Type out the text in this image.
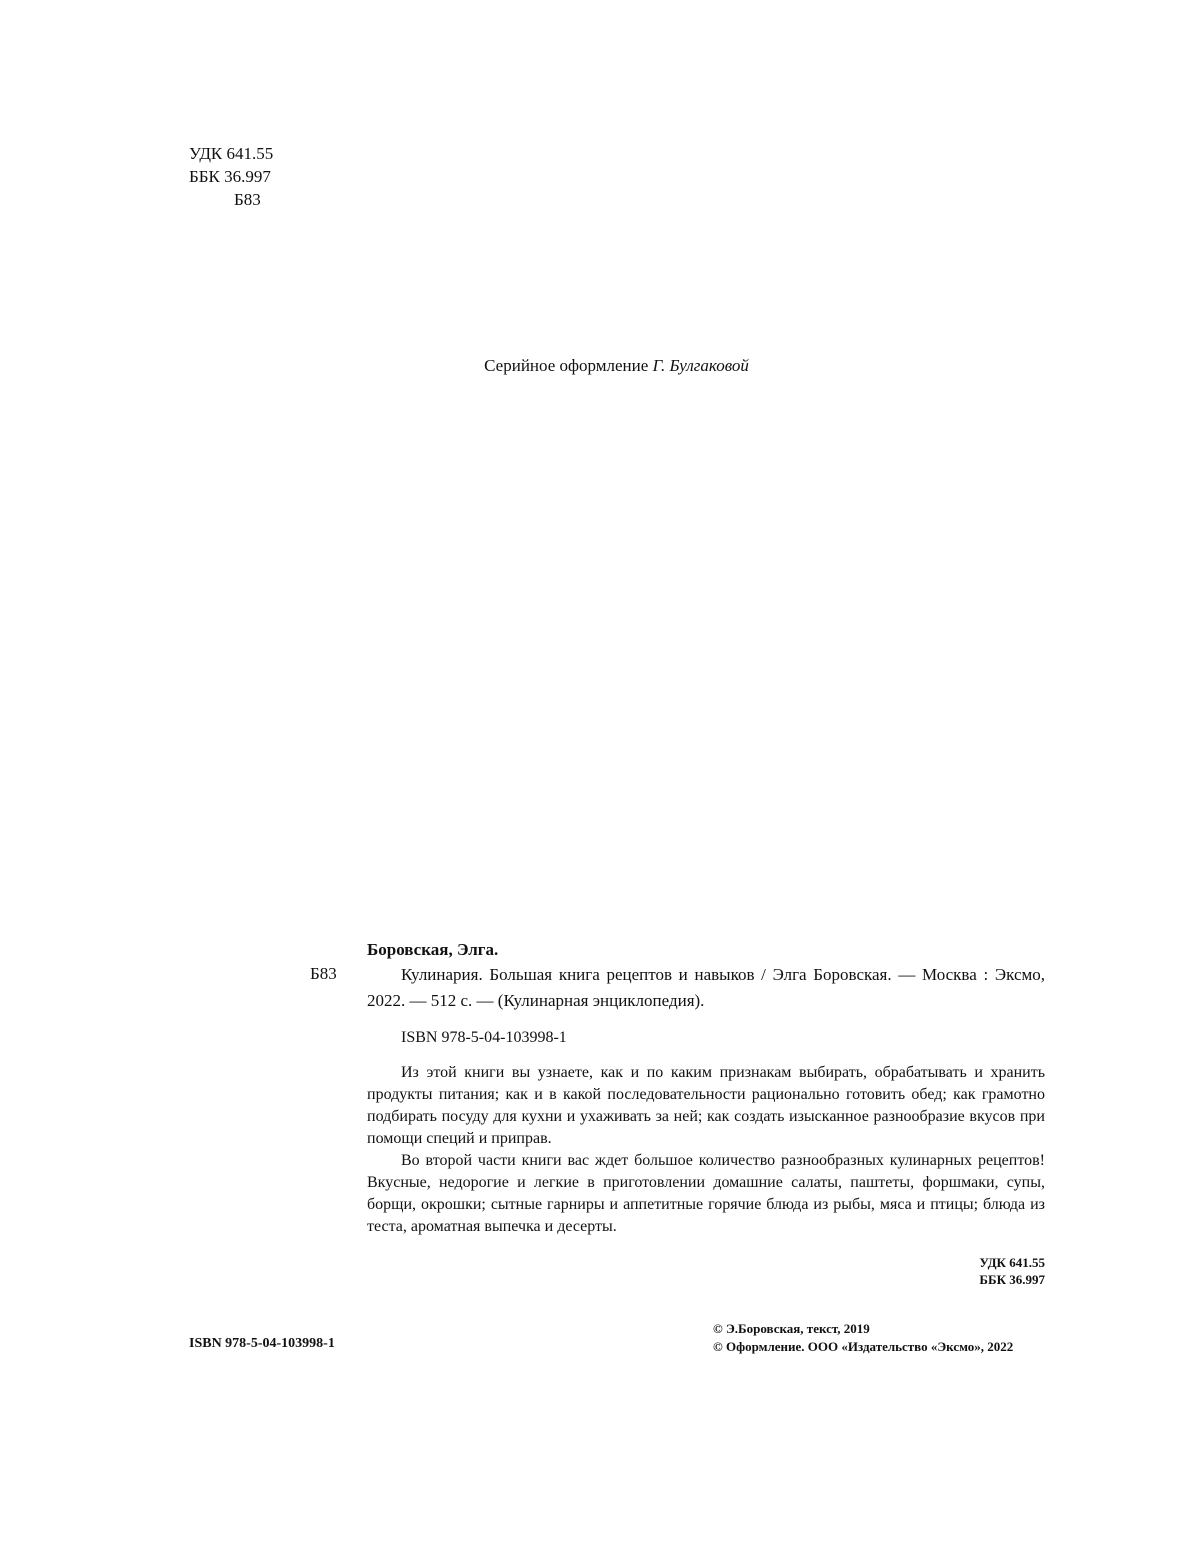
УДК 641.55
ББК 36.997
Б83
Серийное оформление Г. Булгаковой
Б83
Боровская, Элга.
Кулинария. Большая книга рецептов и навыков / Элга Боровская. — Москва : Эксмо, 2022. — 512 с. — (Кулинарная энциклопедия).
ISBN 978-5-04-103998-1

Из этой книги вы узнаете, как и по каким признакам выбирать, обрабатывать и хранить продукты питания; как и в какой последовательности рационально готовить обед; как грамотно подбирать посуду для кухни и ухаживать за ней; как создать изысканное разнообразие вкусов при помощи специй и приправ.

Во второй части книги вас ждет большое количество разнообразных кулинарных рецептов! Вкусные, недорогие и легкие в приготовлении домашние салаты, паштеты, форшмаки, супы, борщи, окрошки; сытные гарниры и аппетитные горячие блюда из рыбы, мяса и птицы; блюда из теста, ароматная выпечка и десерты.

УДК 641.55
ББК 36.997
ISBN 978-5-04-103998-1
© Э.Боровская, текст, 2019
© Оформление. ООО «Издательство «Эксмо», 2022
